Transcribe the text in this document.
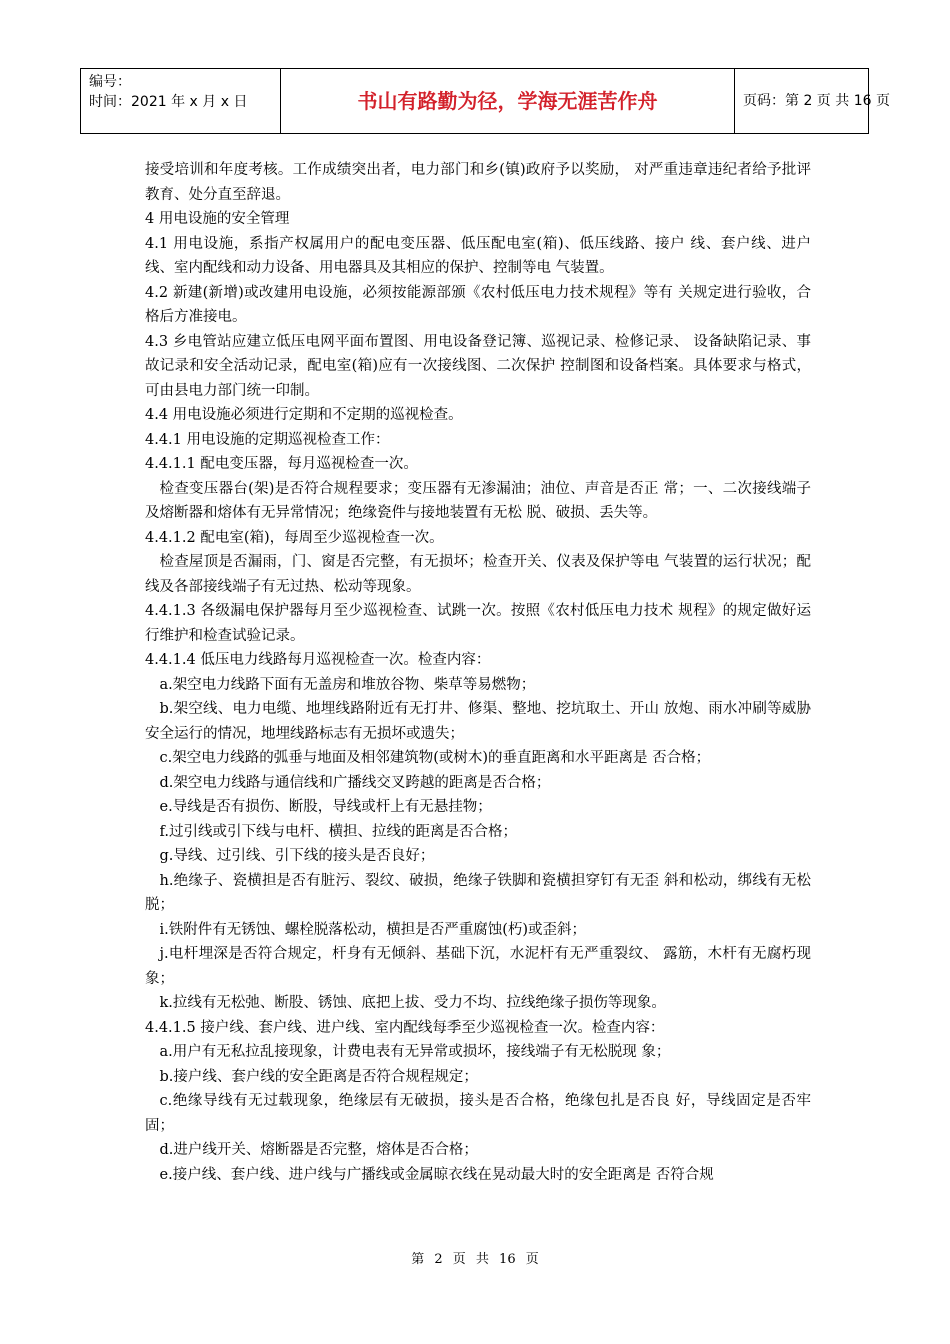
编号：
时间：2021 年 x 月 x 日	书山有路勤为径，学海无涯苦作舟	页码：第 2 页 共 16 页

接受培训和年度考核。工作成绩突出者，电力部门和乡(镇)政府予以奖励， 对严重违章违纪者给予批评教育、处分直至辞退。

4 用电设施的安全管理

4.1 用电设施，系指产权属用户的配电变压器、低压配电室(箱)、低压线路、接户 线、套户线、进户线、室内配线和动力设备、用电器具及其相应的保护、控制等电 气装置。

4.2 新建(新增)或改建用电设施，必须按能源部颁《农村低压电力技术规程》等有 关规定进行验收，合格后方准接电。

4.3 乡电管站应建立低压电网平面布置图、用电设备登记簿、巡视记录、检修记录、 设备缺陷记录、事故记录和安全活动记录，配电室(箱)应有一次接线图、二次保护 控制图和设备档案。具体要求与格式，可由县电力部门统一印制。

4.4 用电设施必须进行定期和不定期的巡视检查。

4.4.1 用电设施的定期巡视检查工作：

4.4.1.1 配电变压器，每月巡视检查一次。

检查变压器台(架)是否符合规程要求；变压器有无渗漏油；油位、声音是否正 常；一、二次接线端子及熔断器和熔体有无异常情况；绝缘瓷件与接地装置有无松 脱、破损、丢失等。

4.4.1.2 配电室(箱)，每周至少巡视检查一次。

检查屋顶是否漏雨，门、窗是否完整，有无损坏；检查开关、仪表及保护等电 气装置的运行状况；配线及各部接线端子有无过热、松动等现象。

4.4.1.3 各级漏电保护器每月至少巡视检查、试跳一次。按照《农村低压电力技术 规程》的规定做好运行维护和检查试验记录。

4.4.1.4 低压电力线路每月巡视检查一次。检查内容：

a.架空电力线路下面有无盖房和堆放谷物、柴草等易燃物；

b.架空线、电力电缆、地埋线路附近有无打井、修渠、整地、挖坑取土、开山 放炮、雨水冲刷等威胁安全运行的情况，地埋线路标志有无损坏或遗失；

c.架空电力线路的弧垂与地面及相邻建筑物(或树木)的垂直距离和水平距离是 否合格；

d.架空电力线路与通信线和广播线交叉跨越的距离是否合格；

e.导线是否有损伤、断股，导线或杆上有无悬挂物；

f.过引线或引下线与电杆、横担、拉线的距离是否合格；

g.导线、过引线、引下线的接头是否良好；

h.绝缘子、瓷横担是否有脏污、裂纹、破损，绝缘子铁脚和瓷横担穿钉有无歪 斜和松动，绑线有无松脱；

i.铁附件有无锈蚀、螺栓脱落松动，横担是否严重腐蚀(朽)或歪斜；

j.电杆埋深是否符合规定，杆身有无倾斜、基础下沉，水泥杆有无严重裂纹、 露筋，木杆有无腐朽现象；

k.拉线有无松弛、断股、锈蚀、底把上拔、受力不均、拉线绝缘子损伤等现象。

4.4.1.5 接户线、套户线、进户线、室内配线每季至少巡视检查一次。检查内容：

a.用户有无私拉乱接现象，计费电表有无异常或损坏，接线端子有无松脱现 象；

b.接户线、套户线的安全距离是否符合规程规定；

c.绝缘导线有无过载现象，绝缘层有无破损，接头是否合格，绝缘包扎是否良 好，导线固定是否牢固；

d.进户线开关、熔断器是否完整，熔体是否合格；

e.接户线、套户线、进户线与广播线或金属晾衣线在晃动最大时的安全距离是 否符合规

第 2 页 共 16 页
